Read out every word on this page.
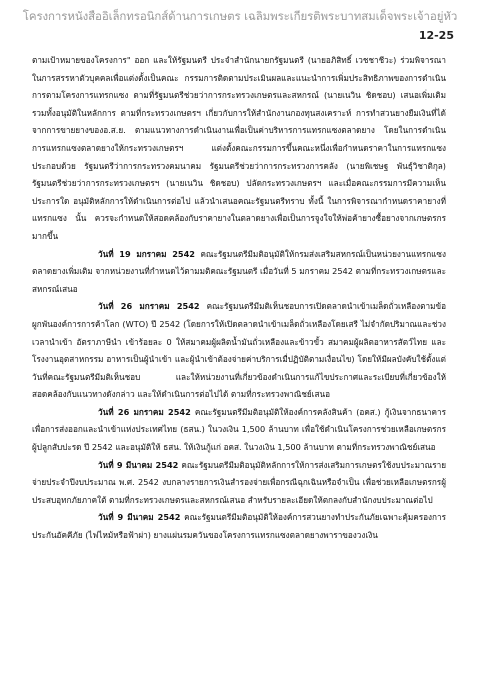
โครงการหนังสืออิเล็กทรอนิกส์ด้านการเกษตร เฉลิมพระเกียรติพระบาทสมเด็จพระเจ้าอยู่หัว
12-25

ตามเป้าหมายของโครงการ" ออก และให้รัฐมนตรี ประจำสำนักนายกรัฐมนตรี (นายอภิสิทธิ์ เวชชาชีวะ) ร่วมพิจารณาในการสรรหาตัวบุคคลเพื่อแต่งตั้งเป็นคณะ กรรมการติดตามประเมินผลและแนะนำการเพิ่มประสิทธิภาพของการดำเนินการตามโครงการแทรกแซง ตามที่รัฐมนตรีช่วยว่าการกระทรวงเกษตรและสหกรณ์ (นายเนวิน ชิดชอบ) เสนอเพิ่มเติม รวมทั้งอนุมัติในหลักการ ตามที่กระทรวงเกษตรฯ เกี่ยวกับการให้สำนักงานกองทุนสงเคราะห์ การทำสวนยางยืมเงินที่ได้จากการขายยางของอ.ส.ย. ตามแนวทางการดำเนินงานเพื่อเป็นค่าบริหารการแทรกแซงตลาดยาง โดยในการดำเนินการแทรกแซงตลาดยางให้กระทรวงเกษตรฯ แต่งตั้งคณะกรรมการขึ้นคณะหนึ่งเพื่อกำหนดราคาในการแทรกแซงประกอบด้วย รัฐมนตรีว่าการกระทรวงคมนาคม รัฐมนตรีช่วยว่าการกระทรวงการคลัง (นายพิเชษฐ พันธุ์วิชาติกุล) รัฐมนตรีช่วยว่าการกระทรวงเกษตรฯ (นายเนวิน ชิดชอบ) ปลัดกระทรวงเกษตรฯ และเมื่อคณะกรรมการมีความเห็นประการใด อนุมัติหลักการให้ดำเนินการต่อไป แล้วนำเสนอคณะรัฐมนตรีทราบ ทั้งนี้ ในการพิจารณากำหนดราคายางที่แทรกแซง นั้น ควรจะกำหนดให้สอดคล้องกับราคายางในตลาดยางเพื่อเป็นการจูงใจให้พ่อค้ายางซื้อยางจากเกษตรกรมากขึ้น

วันที่ 19 มกราคม 2542 คณะรัฐมนตรีมีมติอนุมัติให้กรมส่งเสริมสหกรณ์เป็นหน่วยงานแทรกแซงตลาดยางเพิ่มเติม จากหน่วยงานที่กำหนดไว้ตามมติคณะรัฐมนตรี เมื่อวันที่ 5 มกราคม 2542 ตามที่กระทรวงเกษตรและสหกรณ์เสนอ

วันที่ 26 มกราคม 2542 คณะรัฐมนตรีมีมติเห็นชอบการเปิดตลาดนำเข้าเมล็ดถั่วเหลืองตามข้อผูกพันองค์การการค้าโลก (WTO) ปี 2542 (โดยการให้เปิดตลาดนำเข้าเมล็ดถั่วเหลืองโดยเสรี ไม่จำกัดปริมาณและช่วงเวลานำเข้า อัตราภาษีนำ เข้าร้อยละ 0 ให้สมาคมผู้ผลิตน้ำมันถั่วเหลืองและข้าวขั้ว สมาคมผู้ผลิตอาหารสัตว์ไทย และโรงงานอุตสาหกรรม อาหารเป็นผู้นำเข้า และผู้นำเข้าต้องจ่ายค่าบริการเมื่ปฏิบัติตามเงื่อนไข) โดยให้มีผลบังคับใช้ตั้งแต่วันที่คณะรัฐมนตรีมีมติเห็นชอบ และให้หน่วยงานที่เกี่ยวข้องดำเนินการแก้ไขประกาศและระเบียบที่เกี่ยวข้องให้สอดคล้องกับแนวทางดังกล่าว และให้ดำเนินการต่อไปได้ ตามที่กระทรวงพาณิชย์เสนอ

วันที่ 26 มกราคม 2542 คณะรัฐมนตรีมีมติอนุมัติให้องค์การคลังสินค้า (อคส.) กู้เงินจากธนาคารเพื่อการส่งออกและนำเข้าแห่งประเทศไทย (ธสน.) ในวงเงิน 1,500 ล้านบาท เพื่อใช้ดำเนินโครงการช่วยเหลือเกษตรกรผู้ปลูกสับปะรด ปี 2542 และอนุมัติให้ ธสน. ให้เงินกู้แก่ อคส. ในวงเงิน 1,500 ล้านบาท ตามที่กระทรวงพาณิชย์เสนอ

วันที่ 9 มีนาคม 2542 คณะรัฐมนตรีมีมติอนุมัติหลักการให้การส่งเสริมการเกษตรใช้งบประมาณรายจ่ายประจำปีงบประมาณ พ.ศ. 2542 งบกลางรายการเงินสำรองจ่ายเพื่อกรณีฉุกเฉินหรือจำเป็น เพื่อช่วยเหลือเกษตรกรผู้ประสบอุทกภัยภาคใต้ ตามที่กระทรวงเกษตรและสหกรณ์เสนอ สำหรับรายละเอียดให้ตกลงกับสำนักงบประมาณต่อไป

วันที่ 9 มีนาคม 2542 คณะรัฐมนตรีมีมติอนุมัติให้องค์การสวนยางทำประกันภัยเฉพาะคุ้มครองการประกันอัคคีภัย (ไฟไหม้หรือฟ้าผ่า) ยางแผ่นรมควันของโครงการแทรกแซงตลาดยางพาราของวงเงิน
